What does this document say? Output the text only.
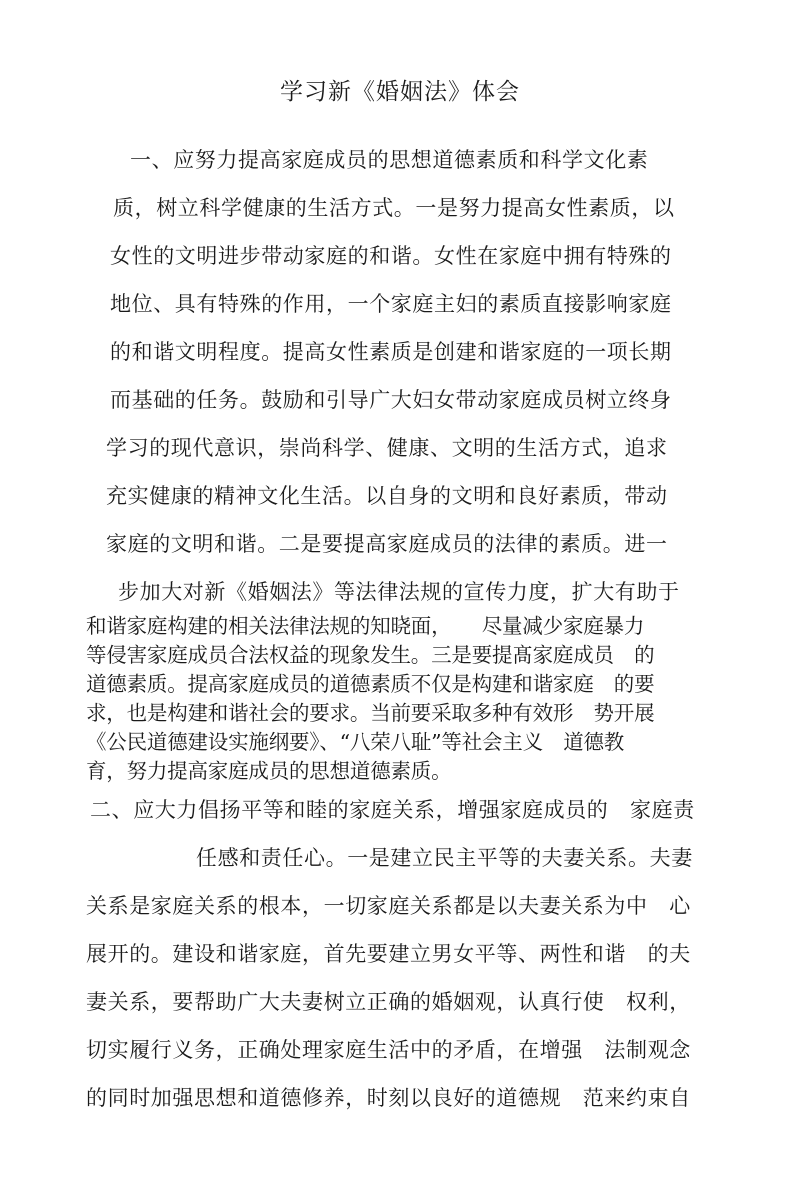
学习新《婚姻法》体会
一、应努力提高家庭成员的思想道德素质和科学文化素
质，树立科学健康的生活方式。一是努力提高女性素质，以
女性的文明进步带动家庭的和谐。女性在家庭中拥有特殊的
地位、具有特殊的作用，一个家庭主妇的素质直接影响家庭
的和谐文明程度。提高女性素质是创建和谐家庭的一项长期
而基础的任务。鼓励和引导广大妇女带动家庭成员树立终身
学习的现代意识，崇尚科学、健康、文明的生活方式，追求
充实健康的精神文化生活。以自身的文明和良好素质，带动
家庭的文明和谐。二是要提高家庭成员的法律的素质。进一
步加大对新《婚姻法》等法律法规的宣传力度，扩大有助于
和谐家庭构建的相关法律法规的知晓面，　　尽量减少家庭暴力
等侵害家庭成员合法权益的现象发生。三是要提髙家庭成员　的
道德素质。提高家庭成员的道德素质不仅是构建和谐家庭　的要
求，也是构建和谐社会的要求。当前要采取多种有效形　势开展
《公民道德建设实施纲要》、“八荣八耻”等社会主义　道德教
育，努力提高家庭成员的思想道德素质。
二、应大力倡扬平等和睦的家庭关系，增强家庭成员的　家庭责
任感和责任心。一是建立民主平等的夫妻关系。夫妻
关系是家庭关系的根本，一切家庭关系都是以夫妻关系为中　心
展开的。建设和谐家庭，首先要建立男女平等、两性和谐　的夫
妻关系，要帮助广大夫妻树立正确的婚姻观，认真行使　权利，
切实履行义务，正确处理家庭生活中的矛盾，在增强　法制观念
的同时加强思想和道德修养，时刻以良好的道德规　范来约束自
